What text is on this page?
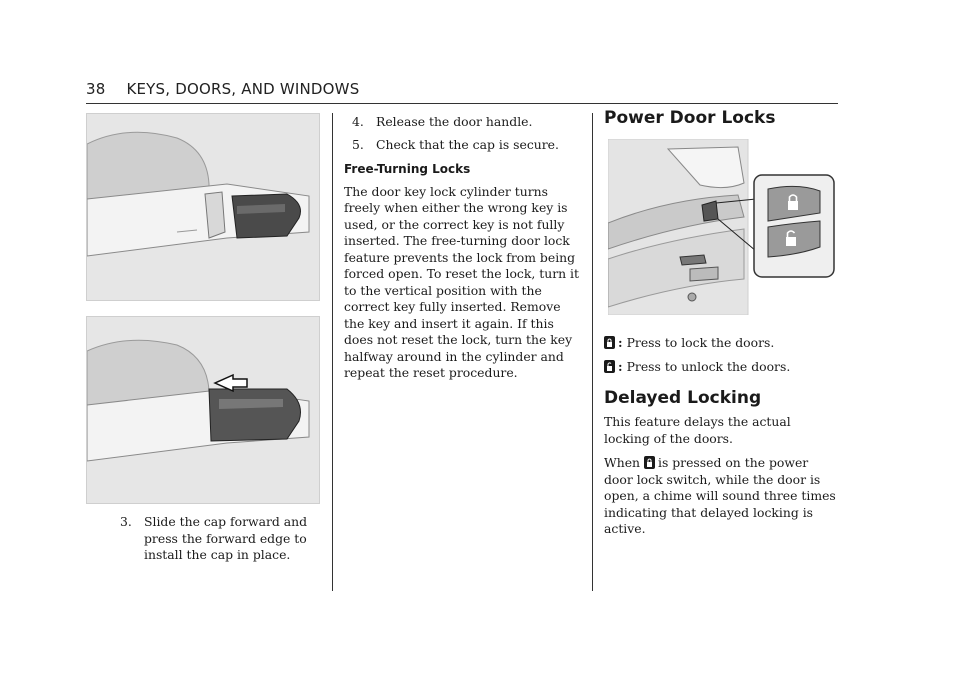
38 KEYS, DOORS, AND WINDOWS
3. Slide the cap forward and press the forward edge to install the cap in place.
4. Release the door handle.
5. Check that the cap is secure.
Free-Turning Locks

The door key lock cylinder turns freely when either the wrong key is used, or the correct key is not fully inserted. The free-turning door lock feature prevents the lock from being forced open. To reset the lock, turn it to the vertical position with the correct key fully inserted. Remove the key and insert it again. If this does not reset the lock, turn the key halfway around in the cylinder and repeat the reset procedure.

Power Door Locks
: Press to lock the doors.
: Press to unlock the doors.
Delayed Locking

This feature delays the actual locking of the doors.

When is pressed on the power door lock switch, while the door is open, a chime will sound three times indicating that delayed locking is active.
